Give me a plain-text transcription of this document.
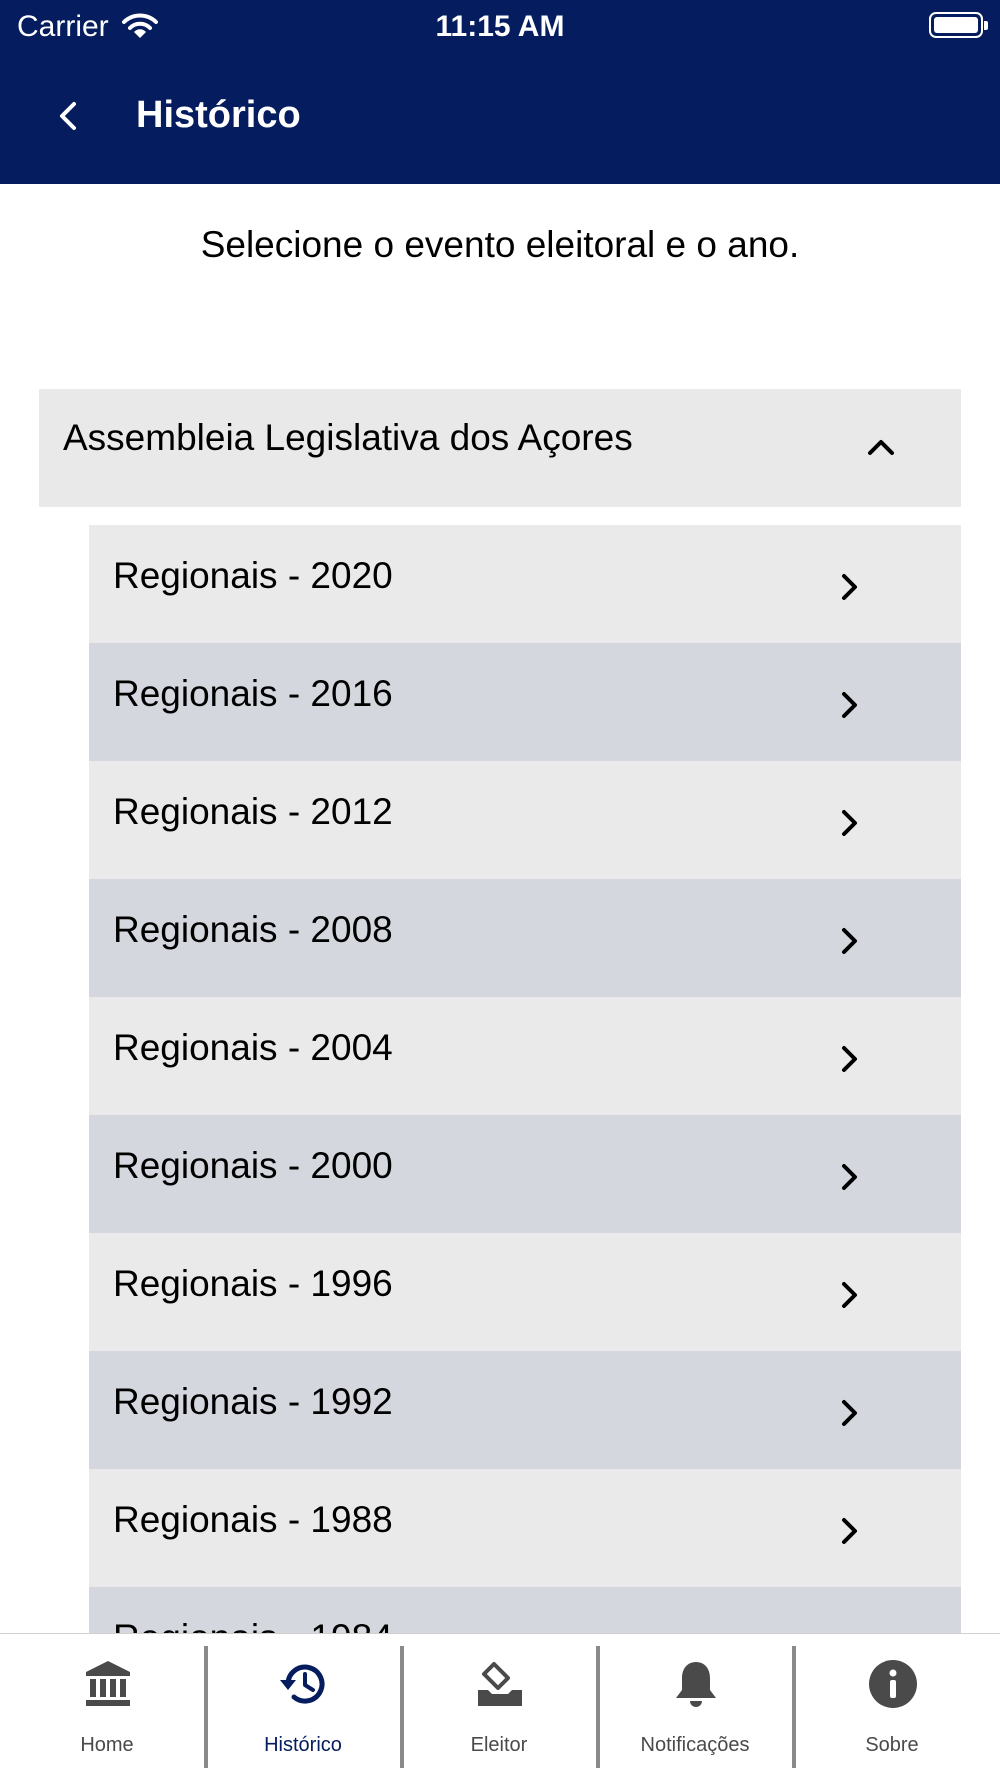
Carrier	11:15 AM
Histórico
Selecione o evento eleitoral e o ano.
Assembleia Legislativa dos Açores
Regionais - 2020
Regionais - 2016
Regionais - 2012
Regionais - 2008
Regionais - 2004
Regionais - 2000
Regionais - 1996
Regionais - 1992
Regionais - 1988
Home	Histórico	Eleitor	Notificações	Sobre
